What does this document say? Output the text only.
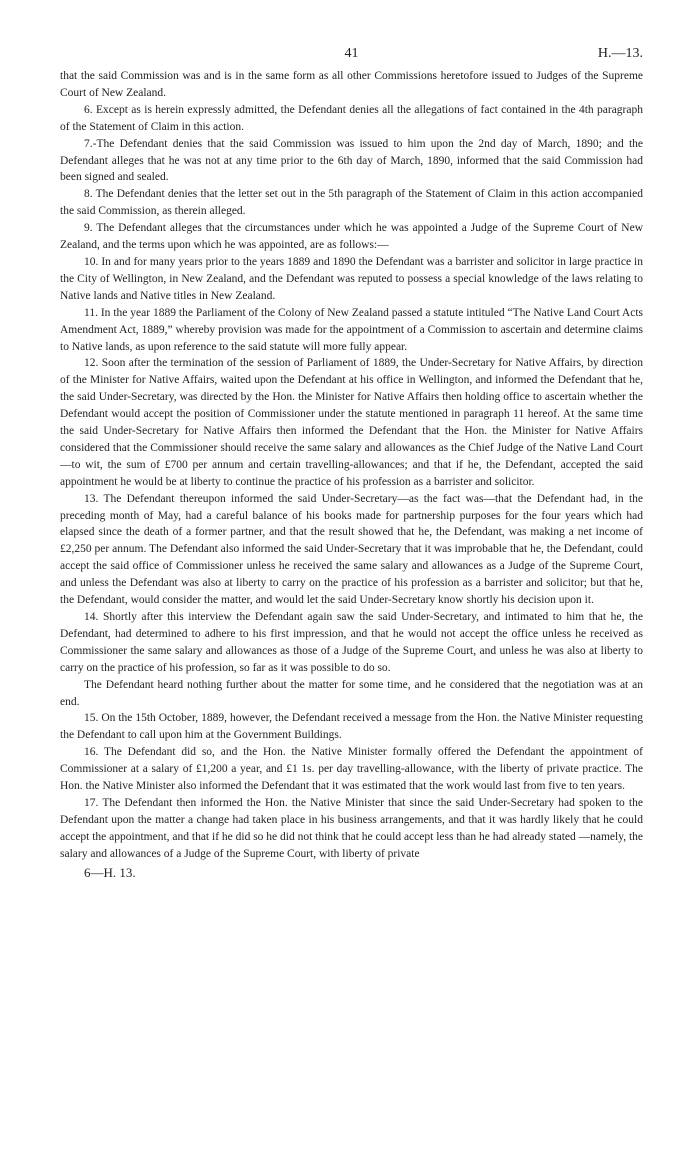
41	H.—13.

that the said Commission was and is in the same form as all other Commissions heretofore issued to Judges of the Supreme Court of New Zealand.

6. Except as is herein expressly admitted, the Defendant denies all the allegations of fact contained in the 4th paragraph of the Statement of Claim in this action.

7.-The Defendant denies that the said Commission was issued to him upon the 2nd day of March, 1890; and the Defendant alleges that he was not at any time prior to the 6th day of March, 1890, informed that the said Commission had been signed and sealed.

8. The Defendant denies that the letter set out in the 5th paragraph of the Statement of Claim in this action accompanied the said Commission, as therein alleged.

9. The Defendant alleges that the circumstances under which he was appointed a Judge of the Supreme Court of New Zealand, and the terms upon which he was appointed, are as follows:—

10. In and for many years prior to the years 1889 and 1890 the Defendant was a barrister and solicitor in large practice in the City of Wellington, in New Zealand, and the Defendant was reputed to possess a special knowledge of the laws relating to Native lands and Native titles in New Zealand.

11. In the year 1889 the Parliament of the Colony of New Zealand passed a statute intituled “The Native Land Court Acts Amendment Act, 1889,” whereby provision was made for the appointment of a Commission to ascertain and determine claims to Native lands, as upon reference to the said statute will more fully appear.

12. Soon after the termination of the session of Parliament of 1889, the Under-Secretary for Native Affairs, by direction of the Minister for Native Affairs, waited upon the Defendant at his office in Wellington, and informed the Defendant that he, the said Under-Secretary, was directed by the Hon. the Minister for Native Affairs then holding office to ascertain whether the Defendant would accept the position of Commissioner under the statute mentioned in paragraph 11 hereof. At the same time the said Under-Secretary for Native Affairs then informed the Defendant that the Hon. the Minister for Native Affairs considered that the Commissioner should receive the same salary and allowances as the Chief Judge of the Native Land Court—to wit, the sum of £700 per annum and certain travelling-allowances; and that if he, the Defendant, accepted the said appointment he would be at liberty to continue the practice of his profession as a barrister and solicitor.

13. The Defendant thereupon informed the said Under-Secretary—as the fact was—that the Defendant had, in the preceding month of May, had a careful balance of his books made for partnership purposes for the four years which had elapsed since the death of a former partner, and that the result showed that he, the Defendant, was making a net income of £2,250 per annum. The Defendant also informed the said Under-Secretary that it was improbable that he, the Defendant, could accept the said office of Commissioner unless he received the same salary and allowances as a Judge of the Supreme Court, and unless the Defendant was also at liberty to carry on the practice of his profession as a barrister and solicitor; but that he, the Defendant, would consider the matter, and would let the said Under-Secretary know shortly his decision upon it.

14. Shortly after this interview the Defendant again saw the said Under-Secretary, and intimated to him that he, the Defendant, had determined to adhere to his first impression, and that he would not accept the office unless he received as Commissioner the same salary and allowances as those of a Judge of the Supreme Court, and unless he was also at liberty to carry on the practice of his profession, so far as it was possible to do so.

The Defendant heard nothing further about the matter for some time, and he considered that the negotiation was at an end.

15. On the 15th October, 1889, however, the Defendant received a message from the Hon. the Native Minister requesting the Defendant to call upon him at the Government Buildings.

16. The Defendant did so, and the Hon. the Native Minister formally offered the Defendant the appointment of Commissioner at a salary of £1,200 a year, and £1 1s. per day travelling-allowance, with the liberty of private practice. The Hon. the Native Minister also informed the Defendant that it was estimated that the work would last from five to ten years.

17. The Defendant then informed the Hon. the Native Minister that since the said Under-Secretary had spoken to the Defendant upon the matter a change had taken place in his business arrangements, and that it was hardly likely that he could accept the appointment, and that if he did so he did not think that he could accept less than he had already stated —namely, the salary and allowances of a Judge of the Supreme Court, with liberty of private

6—H. 13.
